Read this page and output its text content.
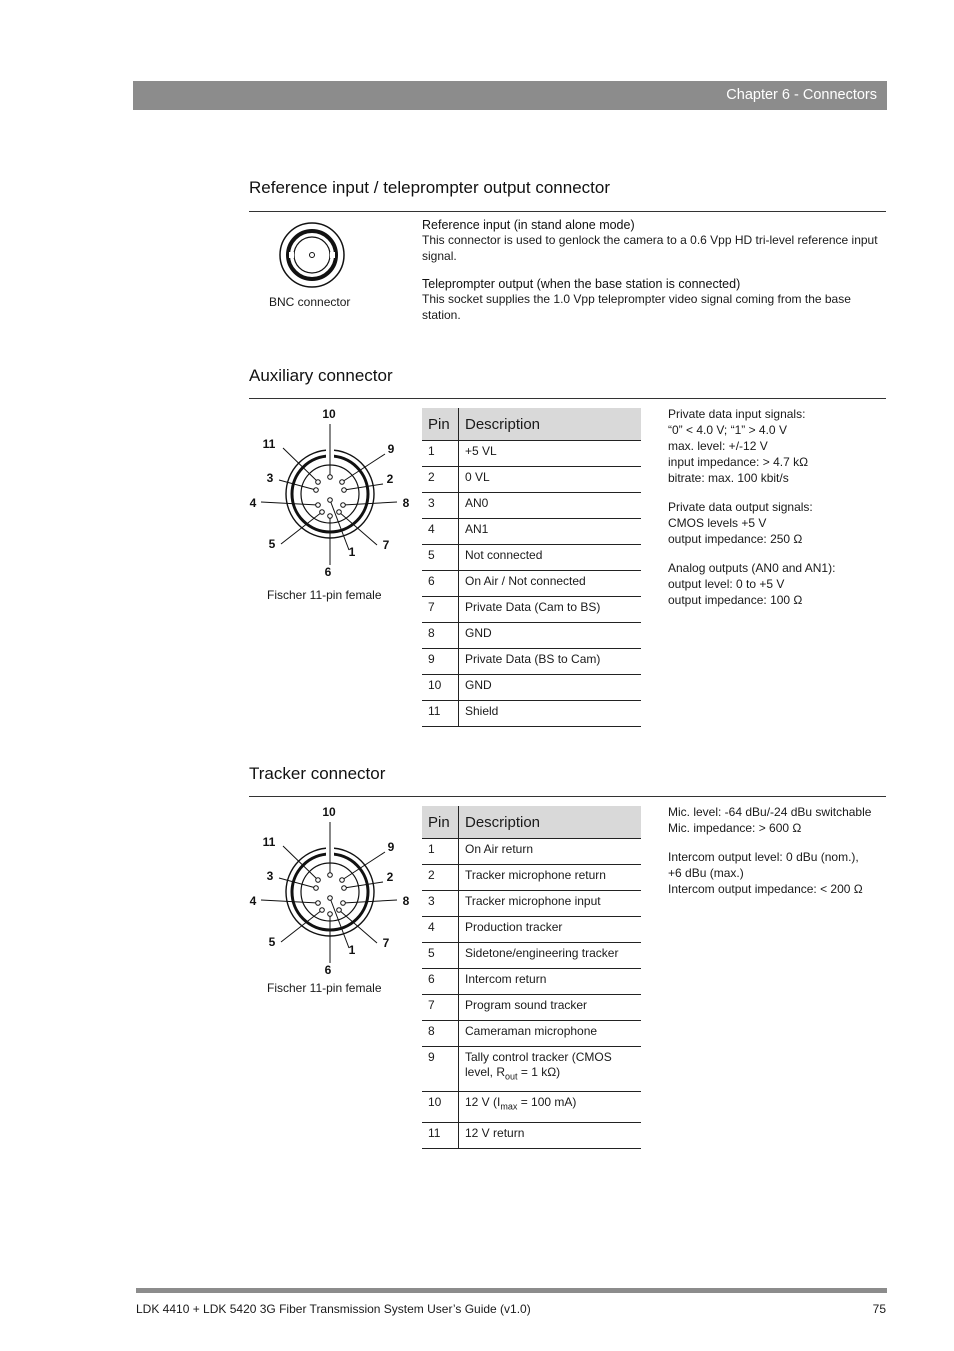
Chapter 6 - Connectors
Reference input / teleprompter output connector
BNC connector
Reference input (in stand alone mode)
This connector is used to genlock the camera to a 0.6 Vpp HD tri-level reference input signal.
Teleprompter output (when the base station is connected)
This socket supplies the 1.0 Vpp teleprompter video signal coming from the base station.
Auxiliary connector
1
2
3
4
5
6
7
8
9
10
11
Fischer 11-pin female
Pin	Description
1	+5 VL
2	0 VL
3	AN0
4	AN1
5	Not connected
6	On Air / Not connected
7	Private Data (Cam to BS)
8	GND
9	Private Data (BS to Cam)
10	GND
11	Shield

Private data input signals:
“0” < 4.0 V; “1” > 4.0 V
max. level: +/-12 V
input impedance: > 4.7 kΩ
bitrate: max. 100 kbit/s

Private data output signals:
CMOS levels +5 V
output impedance: 250 Ω

Analog outputs (AN0 and AN1):
output level: 0 to +5 V
output impedance: 100 Ω

Tracker connector
1
2
3
4
5
6
7
8
9
10
11
Fischer 11-pin female
Pin	Description
1	On Air return
2	Tracker microphone return
3	Tracker microphone input
4	Production tracker
5	Sidetone/engineering tracker
6	Intercom return
7	Program sound tracker
8	Cameraman microphone
9	Tally control tracker (CMOS
level, $R_{out} = 1$ kΩ)
10	12 V ($I_{max} = 100$ mA)
11	12 V return

Mic. level: -64 dBu/-24 dBu switchable
Mic. impedance: > 600 Ω

Intercom output level: 0 dBu (nom.),
+6 dBu (max.)
Intercom output impedance: < 200 Ω

LDK 4410 + LDK 5420 3G Fiber Transmission System User’s Guide (v1.0)	75
